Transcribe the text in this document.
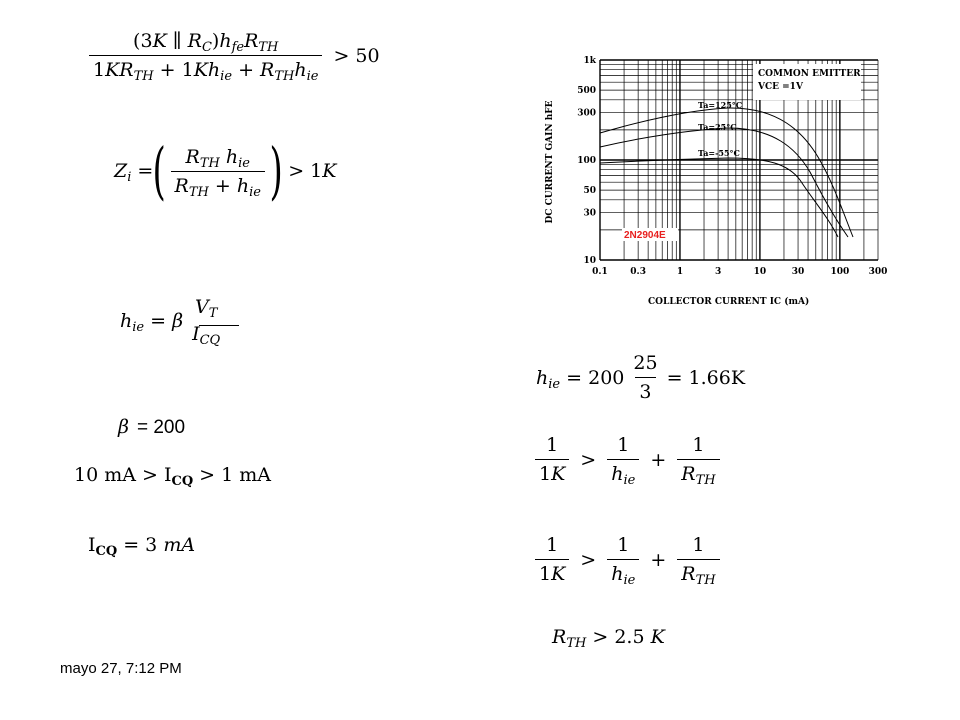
$\frac{(3K \parallel R_C)h_{fe}R_{TH}}{1KR_{TH} + 1Kh_{ie} + R_{TH}h_{ie}} > 50$
$Z_i$ = ( $\frac{R_{TH} h_{ie}}{R_{TH} + h_{ie}}$ ) > 1K
$h_{ie} = \beta$
$V_T$
$I_{CQ}$
β = 200
10 mA > $I_{CQ} > 1$ mA
$I_{CQ} = 3$ mA
DC CURRENT GAIN hFE
1k
500
300
100
50
30
10
0.1 0.3	1	3	10	30	100 300
COMMON EMITTER
VCE =1V
Ta=125°C
Ta=25°C
Ta=-55°C
2N2904E
COLLECTOR CURRENT IC (mA)
$h_{ie} = 200 \frac{25}{3} = 1.66K$
$\frac{1}{1K} > \frac{1}{h_{ie}} + \frac{1}{R_{TH}}$
$\frac{1}{1K} > \frac{1}{h_{ie}} + \frac{1}{R_{TH}}$
$R_{TH} > 2.5$ K
mayo 27, 7:12 PM
